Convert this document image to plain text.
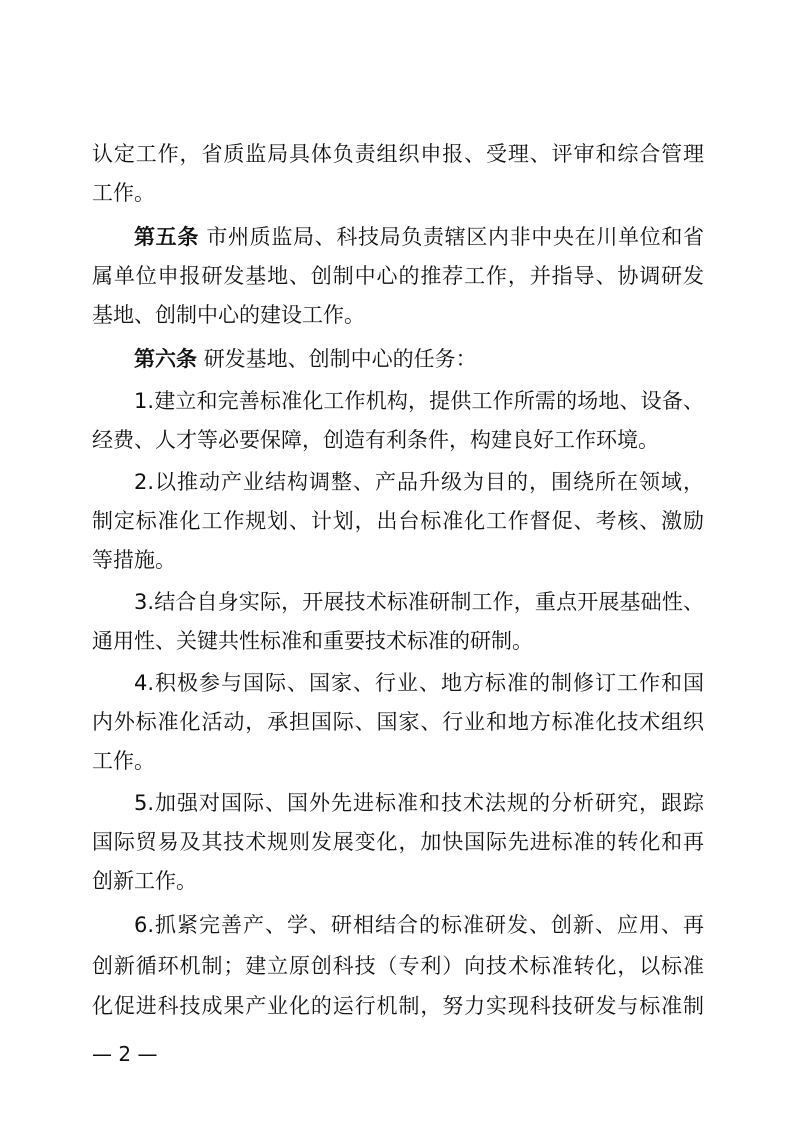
认定工作，省质监局具体负责组织申报、受理、评审和综合管理
工作。
第五条 市州质监局、科技局负责辖区内非中央在川单位和省
属单位申报研发基地、创制中心的推荐工作，并指导、协调研发
基地、创制中心的建设工作。
第六条 研发基地、创制中心的任务：
1.建立和完善标准化工作机构，提供工作所需的场地、设备、
经费、人才等必要保障，创造有利条件，构建良好工作环境。
2.以推动产业结构调整、产品升级为目的，围绕所在领域，
制定标准化工作规划、计划，出台标准化工作督促、考核、激励
等措施。
3.结合自身实际，开展技术标准研制工作，重点开展基础性、
通用性、关键共性标准和重要技术标准的研制。
4.积极参与国际、国家、行业、地方标准的制修订工作和国
内外标准化活动，承担国际、国家、行业和地方标准化技术组织
工作。
5.加强对国际、国外先进标准和技术法规的分析研究，跟踪
国际贸易及其技术规则发展变化，加快国际先进标准的转化和再
创新工作。
6.抓紧完善产、学、研相结合的标准研发、创新、应用、再
创新循环机制；建立原创科技（专利）向技术标准转化，以标准
化促进科技成果产业化的运行机制，努力实现科技研发与标准制
— 2 —
